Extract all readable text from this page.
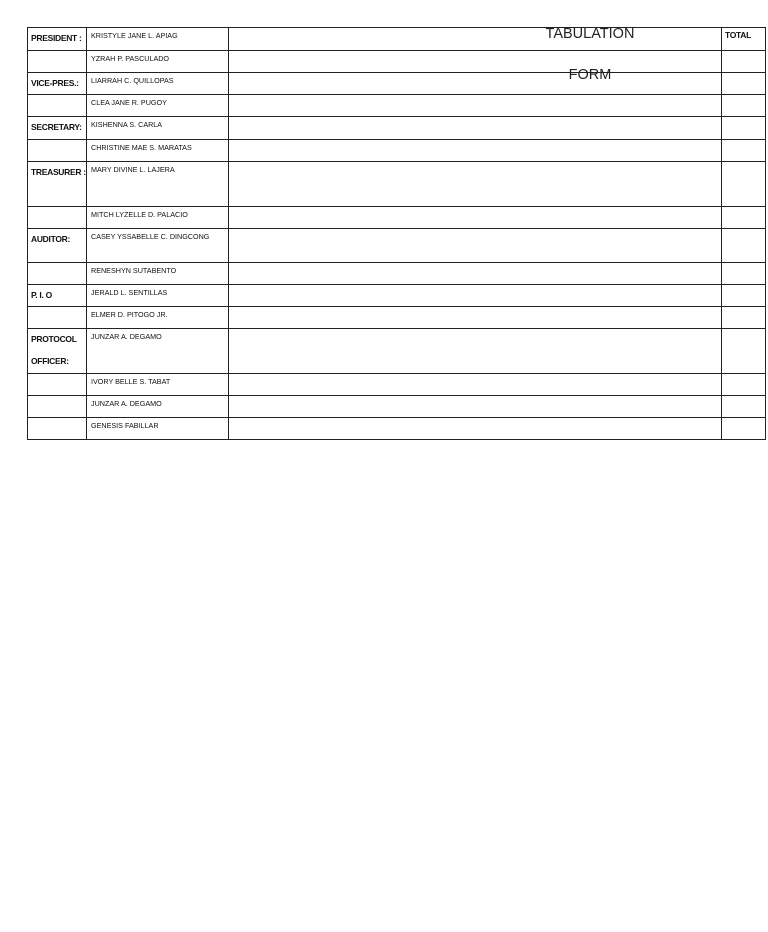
PRESIDENT :	KRISTYLE JANE L. APIAG		TOTAL
	YZRAH P. PASCULADO		
VICE-PRES.:	LIARRAH C. QUILLOPAS		
	CLEA JANE R. PUGOY		
SECRETARY:	KISHENNA S. CARLA		
	CHRISTINE MAE S. MARATAS		
TREASURER :	MARY DIVINE L. LAJERA		
	MITCH LYZELLE D. PALACIO		
AUDITOR:	CASEY YSSABELLE C. DINGCONG		
	RENESHYN SUTABENTO		
P. I. O	JERALD L. SENTILLAS		
	ELMER D. PITOGO JR.		
PROTOCOL OFFICER:	JUNZAR A. DEGAMO		
	IVORY BELLE S. TABAT		
	JUNZAR A. DEGAMO		
	GENESIS FABILLAR		
TABULATION
FORM
